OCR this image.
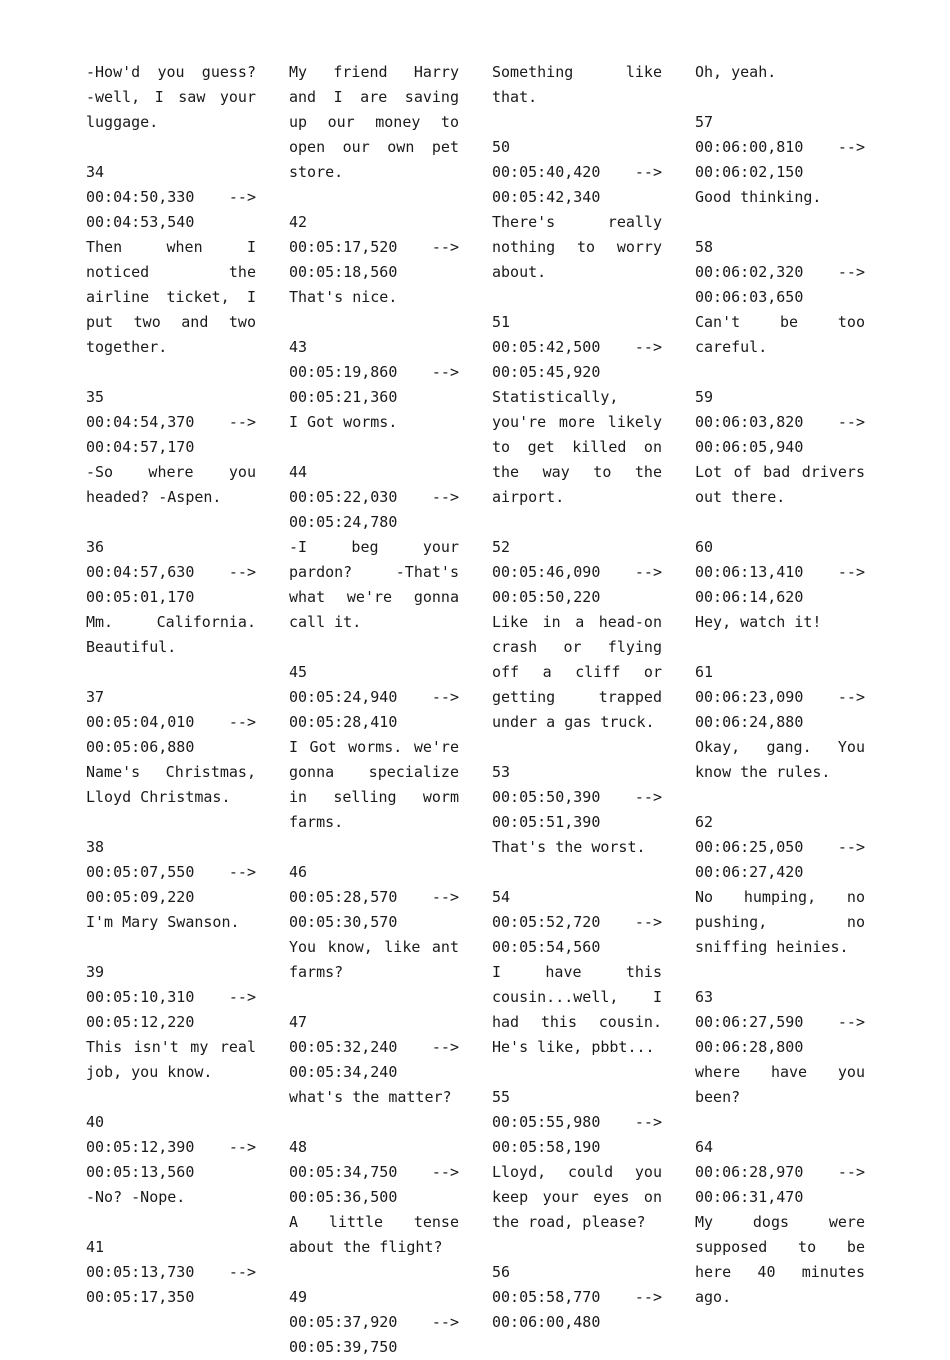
-How'd you guess? -well, I saw your luggage.
34
00:04:50,330 -->
00:04:53,540
Then when I noticed the airline ticket, I put two and two together.
35
00:04:54,370 -->
00:04:57,170
-So where you headed? -Aspen.
36
00:04:57,630 -->
00:05:01,170
Mm. California. Beautiful.
37
00:05:04,010 -->
00:05:06,880
Name's Christmas, Lloyd Christmas.
38
00:05:07,550 -->
00:05:09,220
I'm Mary Swanson.
39
00:05:10,310 -->
00:05:12,220
This isn't my real job, you know.
40
00:05:12,390 -->
00:05:13,560
-No? -Nope.
41
00:05:13,730 -->
00:05:17,350
My friend Harry and I are saving up our money to open our own pet store.
42
00:05:17,520 -->
00:05:18,560
That's nice.
43
00:05:19,860 -->
00:05:21,360
I Got worms.
44
00:05:22,030 -->
00:05:24,780
-I beg your pardon? -That's what we're gonna call it.
45
00:05:24,940 -->
00:05:28,410
I Got worms. we're gonna specialize in selling worm farms.
46
00:05:28,570 -->
00:05:30,570
You know, like ant farms?
47
00:05:32,240 -->
00:05:34,240
what's the matter?
48
00:05:34,750 -->
00:05:36,500
A little tense about the flight?
49
00:05:37,920 -->
00:05:39,750
Something like that.
50
00:05:40,420 -->
00:05:42,340
There's really nothing to worry about.
51
00:05:42,500 -->
00:05:45,920
Statistically, you're more likely to get killed on the way to the airport.
52
00:05:46,090 -->
00:05:50,220
Like in a head-on crash or flying off a cliff or getting trapped under a gas truck.
53
00:05:50,390 -->
00:05:51,390
That's the worst.
54
00:05:52,720 -->
00:05:54,560
I have this cousin...well, I had this cousin. He's like, pbbt...
55
00:05:55,980 -->
00:05:58,190
Lloyd, could you keep your eyes on the road, please?
56
00:05:58,770 -->
00:06:00,480
Oh, yeah.
57
00:06:00,810 -->
00:06:02,150
Good thinking.
58
00:06:02,320 -->
00:06:03,650
Can't be too careful.
59
00:06:03,820 -->
00:06:05,940
Lot of bad drivers out there.
60
00:06:13,410 -->
00:06:14,620
Hey, watch it!
61
00:06:23,090 -->
00:06:24,880
Okay, gang. You know the rules.
62
00:06:25,050 -->
00:06:27,420
No humping, no pushing, no sniffing heinies.
63
00:06:27,590 -->
00:06:28,800
where have you been?
64
00:06:28,970 -->
00:06:31,470
My dogs were supposed to be here 40 minutes ago.
